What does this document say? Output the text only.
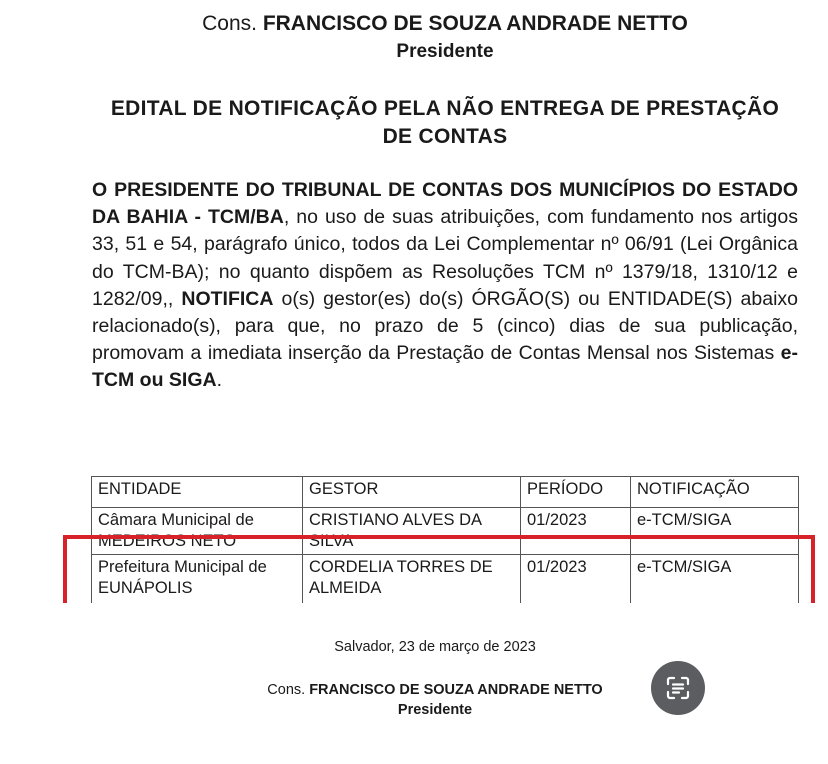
Cons. FRANCISCO DE SOUZA ANDRADE NETTO
Presidente
EDITAL DE NOTIFICAÇÃO PELA NÃO ENTREGA DE PRESTAÇÃO DE CONTAS
O PRESIDENTE DO TRIBUNAL DE CONTAS DOS MUNICÍPIOS DO ESTADO DA BAHIA - TCM/BA, no uso de suas atribuições, com fundamento nos artigos 33, 51 e 54, parágrafo único, todos da Lei Complementar nº 06/91 (Lei Orgânica do TCM-BA); no quanto dispõem as Resoluções TCM nº 1379/18, 1310/12 e 1282/09,, NOTIFICA o(s) gestor(es) do(s) ÓRGÃO(S) ou ENTIDADE(S) abaixo relacionado(s), para que, no prazo de 5 (cinco) dias de sua publicação, promovam a imediata inserção da Prestação de Contas Mensal nos Sistemas e-TCM ou SIGA.
ENTIDADE	GESTOR	PERÍODO	NOTIFICAÇÃO
Câmara Municipal de MEDEIROS NETO	CRISTIANO ALVES DA SILVA	01/2023	e-TCM/SIGA
Prefeitura Municipal de EUNÁPOLIS	CORDELIA TORRES DE ALMEIDA	01/2023	e-TCM/SIGA
Salvador, 23 de março de 2023
Cons. FRANCISCO DE SOUZA ANDRADE NETTO
Presidente
